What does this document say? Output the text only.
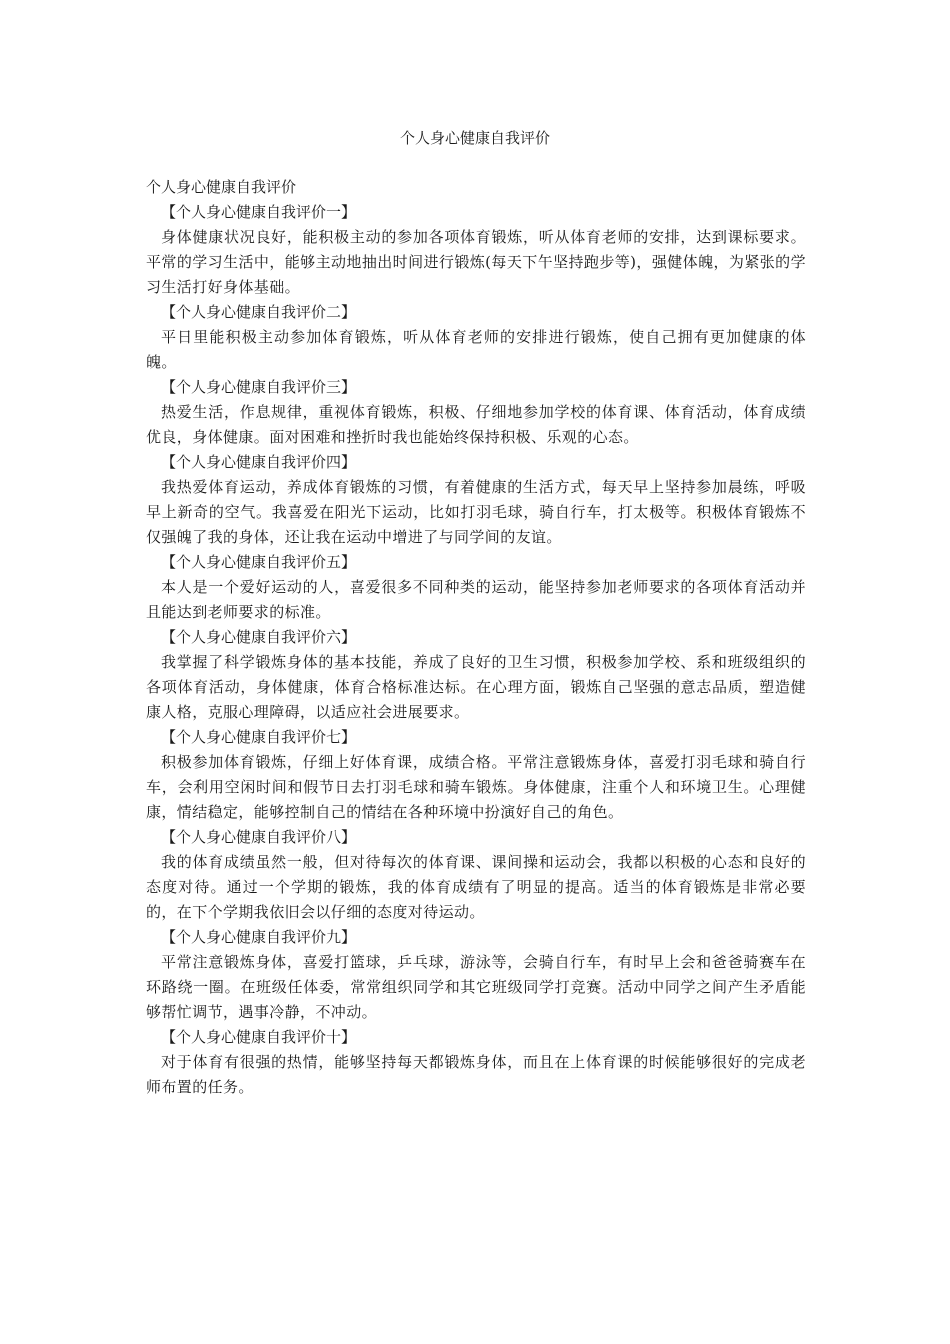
个人身心健康自我评价

个人身心健康自我评价

【个人身心健康自我评价一】

身体健康状况良好，能积极主动的参加各项体育锻炼，听从体育老师的安排，达到课标要求。平常的学习生活中，能够主动地抽出时间进行锻炼(每天下午坚持跑步等)，强健体魄，为紧张的学习生活打好身体基础。

【个人身心健康自我评价二】

平日里能积极主动参加体育锻炼，听从体育老师的安排进行锻炼，使自己拥有更加健康的体魄。

【个人身心健康自我评价三】

热爱生活，作息规律，重视体育锻炼，积极、仔细地参加学校的体育课、体育活动，体育成绩优良，身体健康。面对困难和挫折时我也能始终保持积极、乐观的心态。

【个人身心健康自我评价四】

我热爱体育运动，养成体育锻炼的习惯，有着健康的生活方式，每天早上坚持参加晨练，呼吸早上新奇的空气。我喜爱在阳光下运动，比如打羽毛球，骑自行车，打太极等。积极体育锻炼不仅强魄了我的身体，还让我在运动中增进了与同学间的友谊。

【个人身心健康自我评价五】

本人是一个爱好运动的人，喜爱很多不同种类的运动，能坚持参加老师要求的各项体育活动并且能达到老师要求的标准。

【个人身心健康自我评价六】

我掌握了科学锻炼身体的基本技能，养成了良好的卫生习惯，积极参加学校、系和班级组织的各项体育活动，身体健康，体育合格标准达标。在心理方面，锻炼自己坚强的意志品质，塑造健康人格，克服心理障碍，以适应社会进展要求。

【个人身心健康自我评价七】

积极参加体育锻炼，仔细上好体育课，成绩合格。平常注意锻炼身体，喜爱打羽毛球和骑自行车，会利用空闲时间和假节日去打羽毛球和骑车锻炼。身体健康，注重个人和环境卫生。心理健康，情结稳定，能够控制自己的情结在各种环境中扮演好自己的角色。

【个人身心健康自我评价八】

我的体育成绩虽然一般，但对待每次的体育课、课间操和运动会，我都以积极的心态和良好的态度对待。通过一个学期的锻炼，我的体育成绩有了明显的提高。适当的体育锻炼是非常必要的，在下个学期我依旧会以仔细的态度对待运动。

【个人身心健康自我评价九】

平常注意锻炼身体，喜爱打篮球，乒乓球，游泳等，会骑自行车，有时早上会和爸爸骑赛车在环路绕一圈。在班级任体委，常常组织同学和其它班级同学打竞赛。活动中同学之间产生矛盾能够帮忙调节，遇事冷静，不冲动。

【个人身心健康自我评价十】

对于体育有很强的热情，能够坚持每天都锻炼身体，而且在上体育课的时候能够很好的完成老师布置的任务。
